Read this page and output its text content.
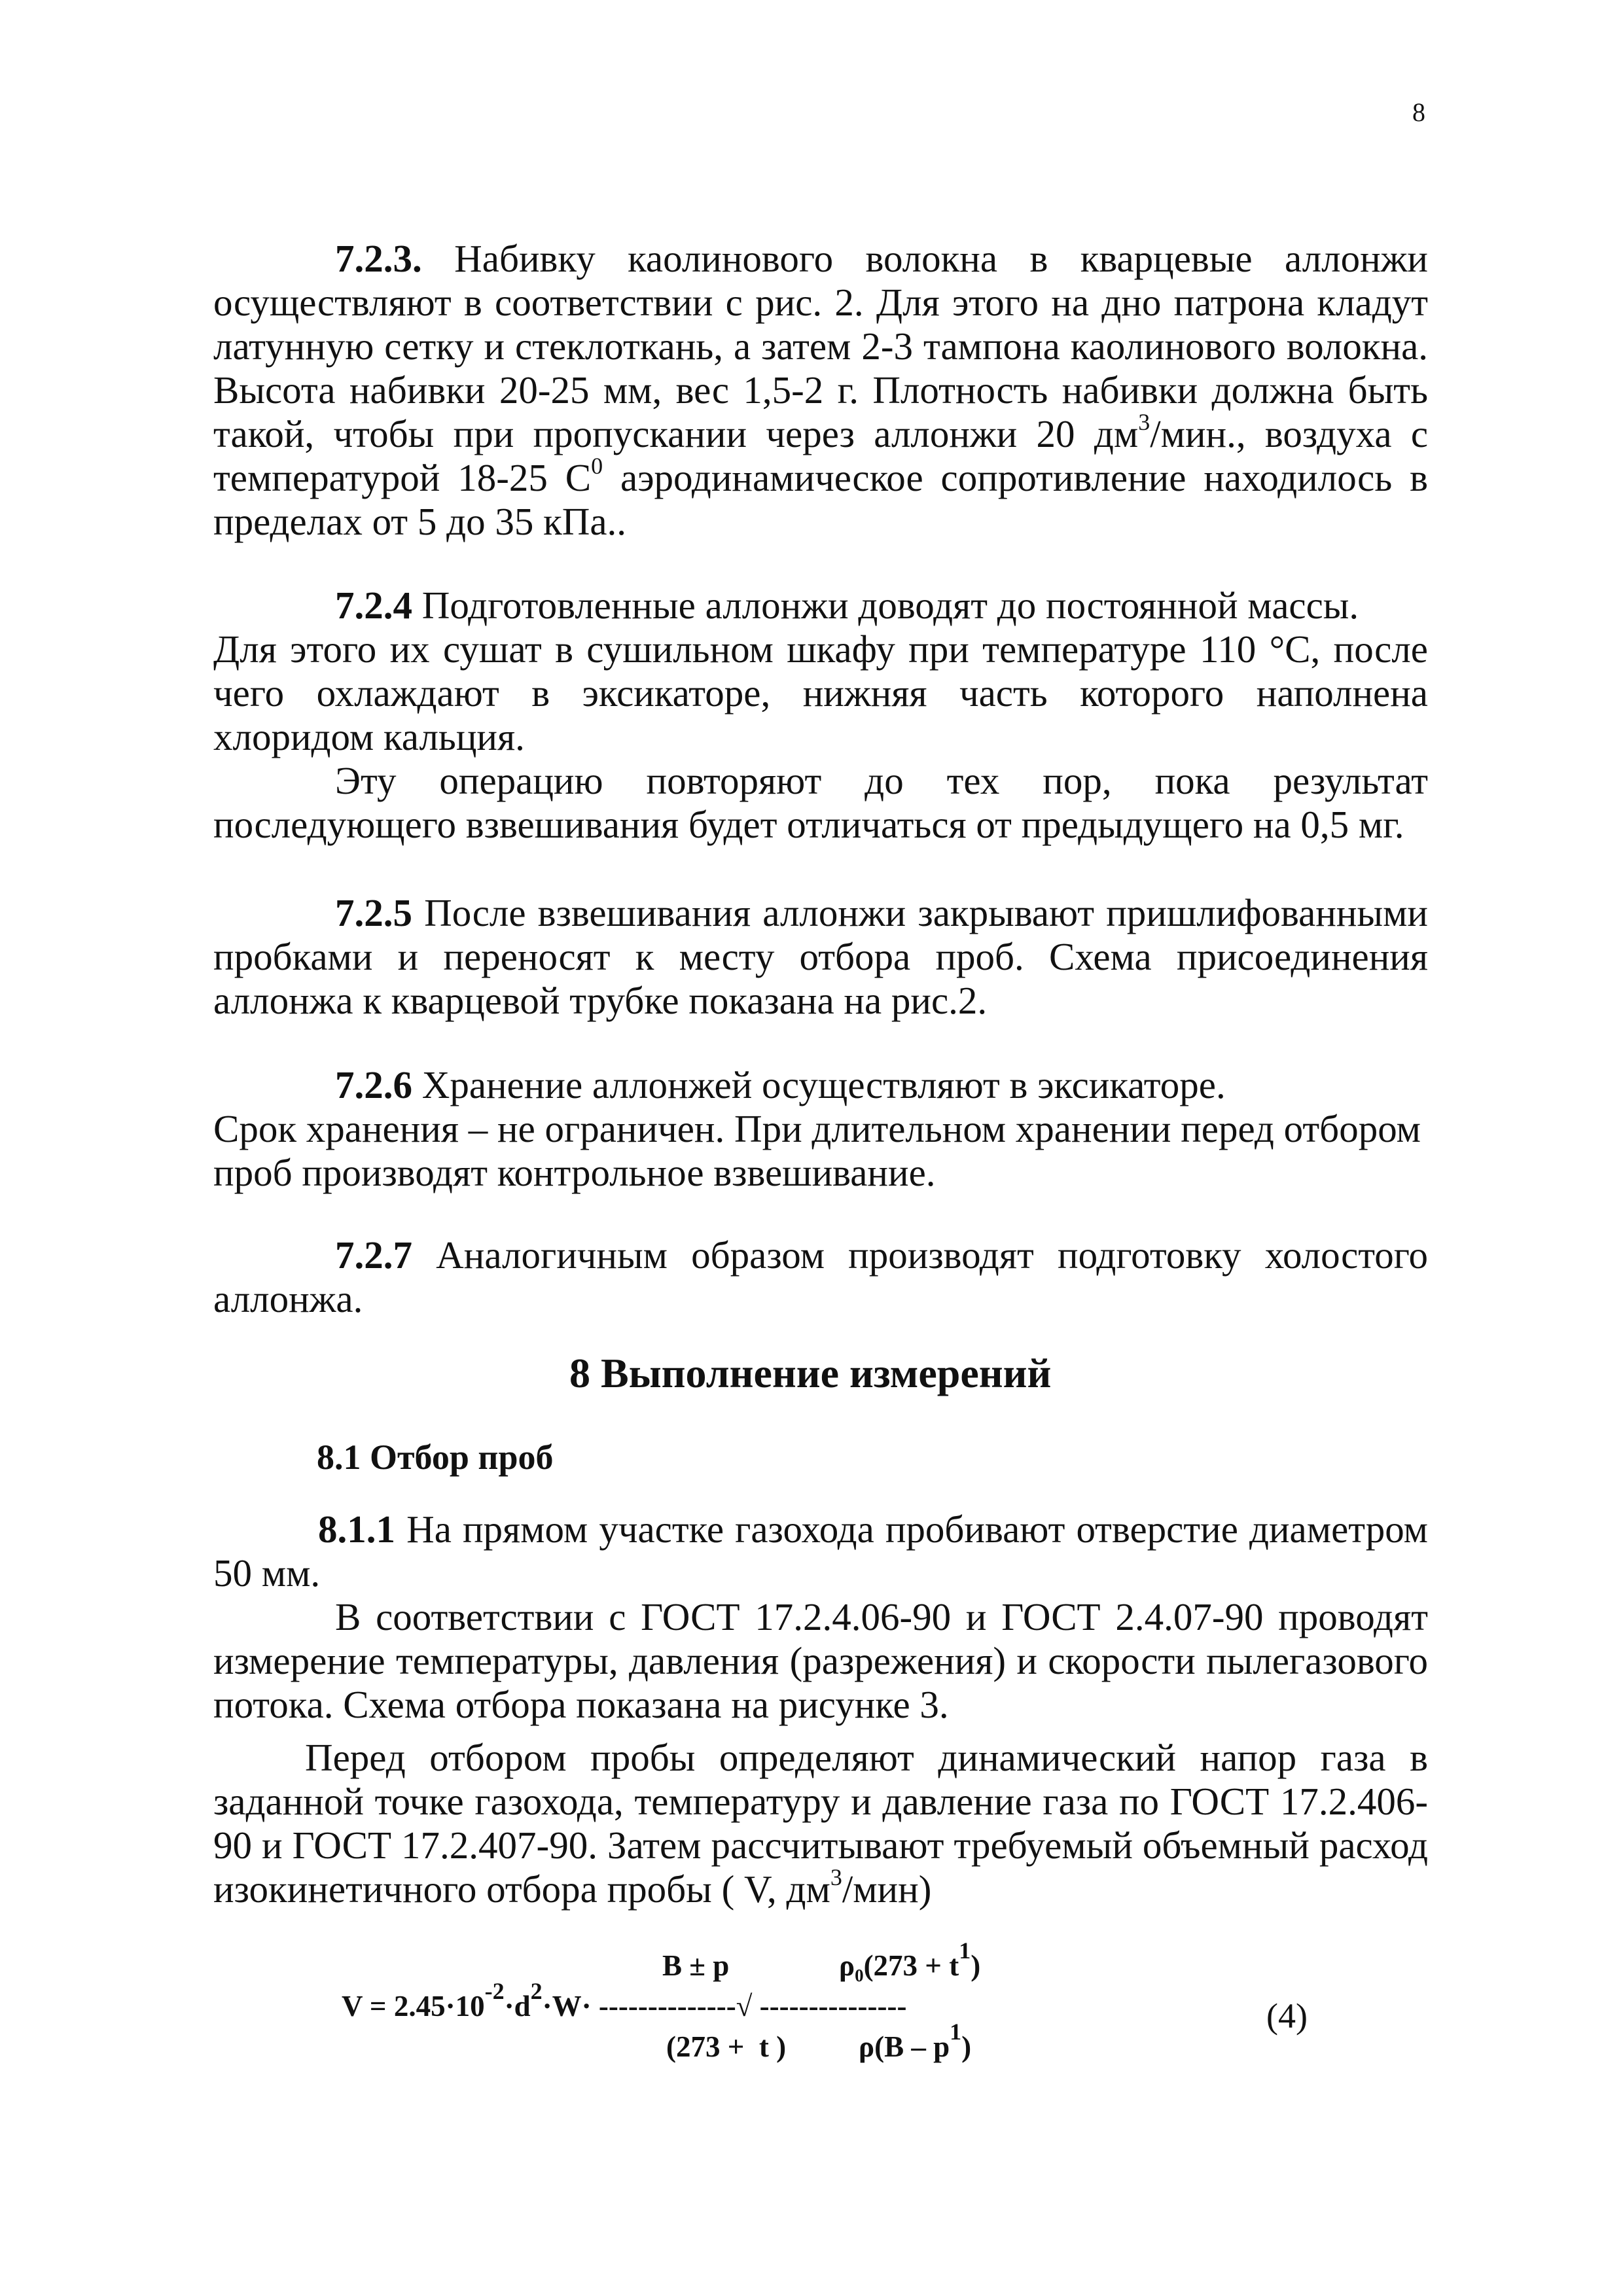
8

7.2.3. Набивку каолинового волокна в кварцевые аллонжи осуществляют в соответствии с рис. 2. Для этого на дно патрона кладут латунную сетку и стеклоткань, а затем 2-3 тампона каолинового волокна. Высота набивки 20-25 мм, вес 1,5-2 г. Плотность набивки должна быть такой, чтобы при пропускании через аллонжи 20 $дм^3$/мин., воздуха с температурой 18-25 $С^0$ аэродинамическое сопротивление находилось в пределах от 5 до 35 кПа..

7.2.4 Подготовленные аллонжи доводят до постоянной массы.

Для этого их сушат в сушильном шкафу при температуре 110 °С, после чего охлаждают в эксикаторе, нижняя часть которого наполнена хлоридом кальция.

Эту операцию повторяют до тех пор, пока результат последующего взвешивания будет отличаться от предыдущего на 0,5 мг.

7.2.5 После взвешивания аллонжи закрывают пришлифованными пробками и переносят к месту отбора проб. Схема присоединения аллонжа к кварцевой трубке показана на рис.2.

7.2.6 Хранение аллонжей осуществляют в эксикаторе.

Срок хранения – не ограничен. При длительном хранении перед отбором проб производят контрольное взвешивание.

7.2.7 Аналогичным образом производят подготовку холостого аллонжа.

8 Выполнение измерений
8.1 Отбор проб

8.1.1 На прямом участке газохода пробивают отверстие диаметром 50 мм.

В соответствии с ГОСТ 17.2.4.06-90 и ГОСТ 2.4.07-90 проводят измерение температуры, давления (разрежения) и скорости пылегазового потока. Схема отбора показана на рисунке 3.

Перед отбором пробы определяют динамический напор газа в заданной точке газохода, температуру и давление газа по ГОСТ 17.2.406-90 и ГОСТ 17.2.407-90. Затем рассчитывают требуемый объемный расход изокинетичного отбора пробы ( V, $дм^3/мин$)

B ± p	$\rho_0(273 + t^1)$
$V = 2.45\cdot 10^{-2}\cdot d^2\cdot W\cdot$ --------------√ ---------------
(273 +  t ) $\rho(B - p^1)$
(4)
